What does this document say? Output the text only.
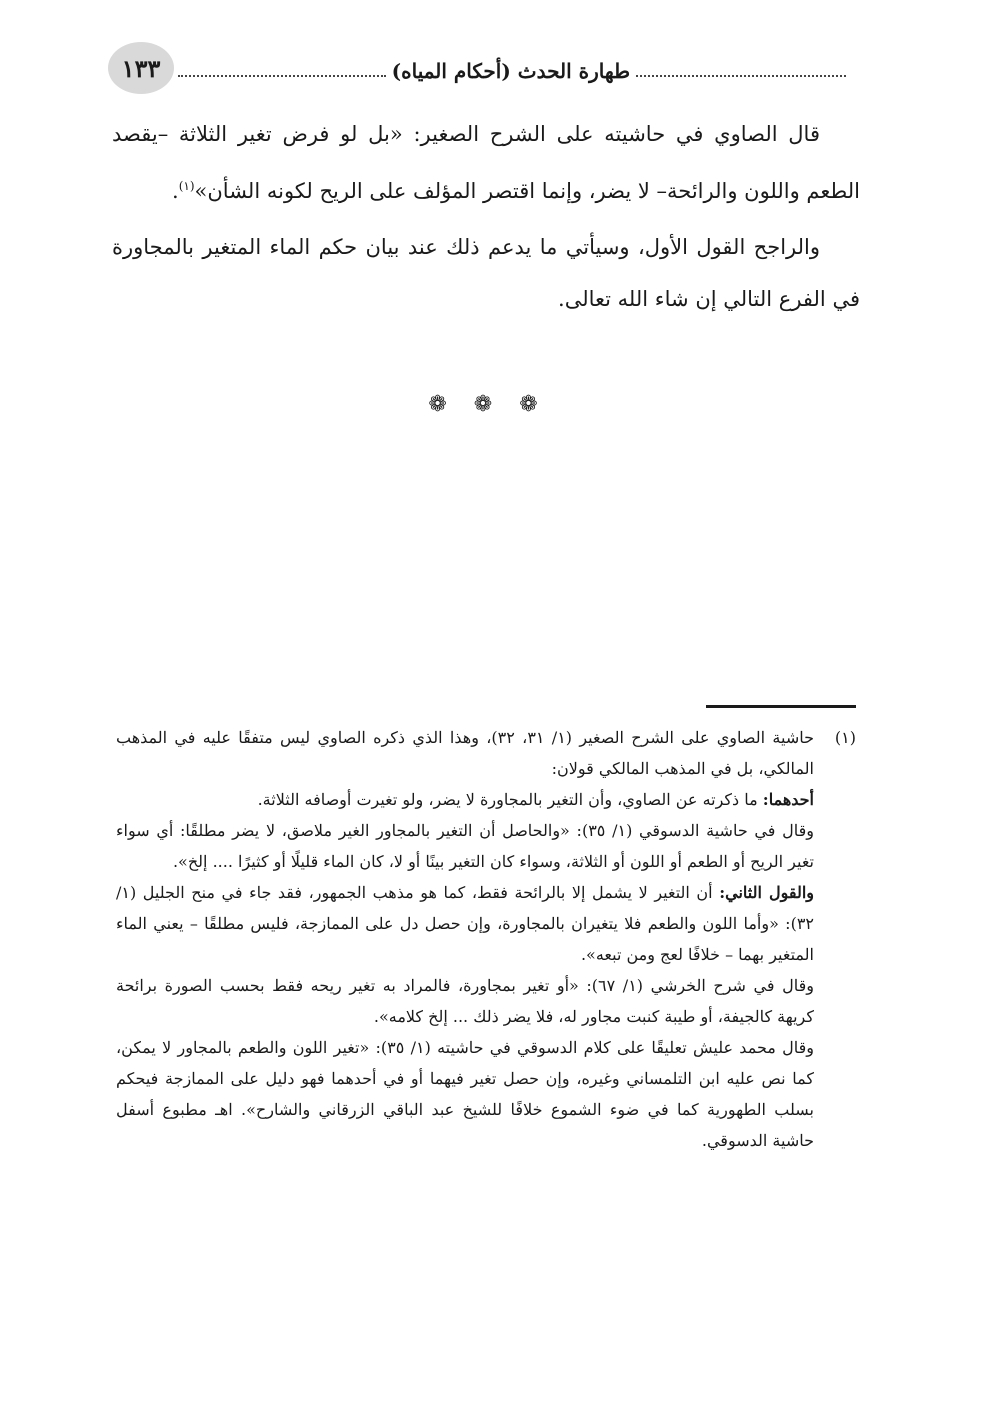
١٣٣	طهارة الحدث (أحكام المياه)

قال الصاوي في حاشيته على الشرح الصغير: «بل لو فرض تغير الثلاثة –يقصد الطعم واللون والرائحة– لا يضر، وإنما اقتصر المؤلف على الريح لكونه الشأن»$^{(١)}$.

والراجح القول الأول، وسيأتي ما يدعم ذلك عند بيان حكم الماء المتغير بالمجاورة في الفرع التالي إن شاء الله تعالى.

❁ ❁ ❁
(١)
حاشية الصاوي على الشرح الصغير (١/ ٣١، ٣٢)، وهذا الذي ذكره الصاوي ليس متفقًا عليه في المذهب المالكي، بل في المذهب المالكي قولان:

أحدهما: ما ذكرته عن الصاوي، وأن التغير بالمجاورة لا يضر، ولو تغيرت أوصافه الثلاثة.

وقال في حاشية الدسوقي (١/ ٣٥): «والحاصل أن التغير بالمجاور الغير ملاصق، لا يضر مطلقًا: أي سواء تغير الريح أو الطعم أو اللون أو الثلاثة، وسواء كان التغير بينًا أو لا، كان الماء قليلًا أو كثيرًا .... إلخ».

والقول الثاني: أن التغير لا يشمل إلا بالرائحة فقط، كما هو مذهب الجمهور، فقد جاء في منح الجليل (١/ ٣٢): «وأما اللون والطعم فلا يتغيران بالمجاورة، وإن حصل دل على الممازجة، فليس مطلقًا – يعني الماء المتغير بهما – خلافًا لعج ومن تبعه».

وقال في شرح الخرشي (١/ ٦٧): «أو تغير بمجاورة، فالمراد به تغير ريحه فقط بحسب الصورة برائحة كريهة كالجيفة، أو طيبة كنبت مجاور له، فلا يضر ذلك ... إلخ كلامه».

وقال محمد عليش تعليقًا على كلام الدسوقي في حاشيته (١/ ٣٥): «تغير اللون والطعم بالمجاور لا يمكن، كما نص عليه ابن التلمساني وغيره، وإن حصل تغير فيهما أو في أحدهما فهو دليل على الممازجة فيحكم بسلب الطهورية كما في ضوء الشموع خلافًا للشيخ عبد الباقي الزرقاني والشارح». اهـ مطبوع أسفل حاشية الدسوقي.
